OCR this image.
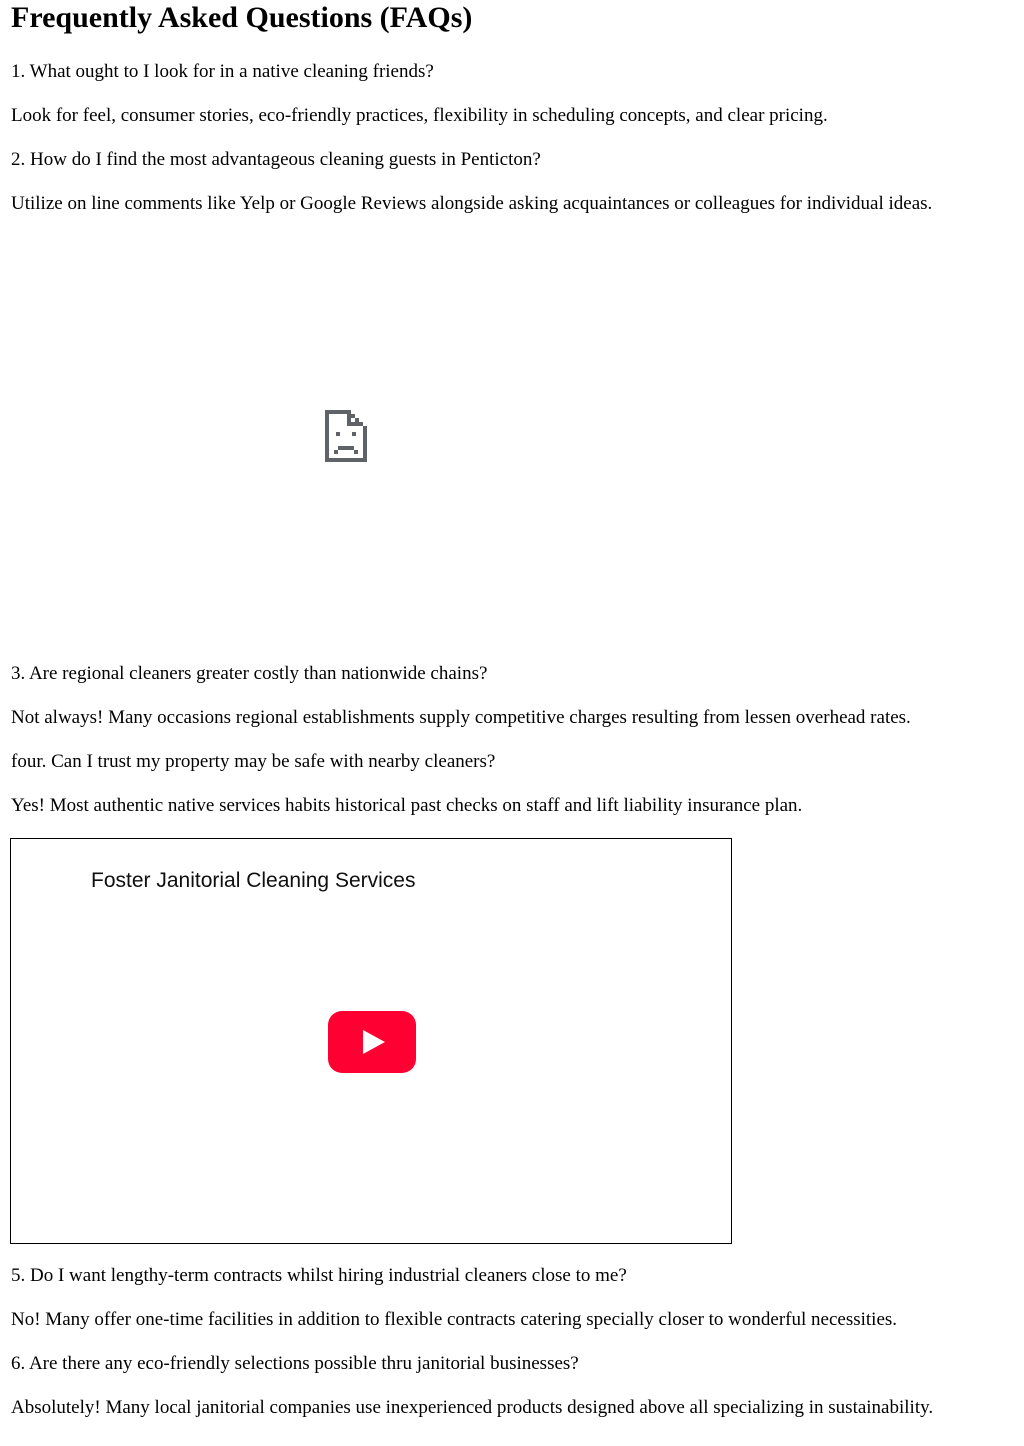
Frequently Asked Questions (FAQs)

1. What ought to I look for in a native cleaning friends?

Look for feel, consumer stories, eco-friendly practices, flexibility in scheduling concepts, and clear pricing.

2. How do I find the most advantageous cleaning guests in Penticton?

Utilize on line comments like Yelp or Google Reviews alongside asking acquaintances or colleagues for individual ideas.

3. Are regional cleaners greater costly than nationwide chains?

Not always! Many occasions regional establishments supply competitive charges resulting from lessen overhead rates.

four. Can I trust my property may be safe with nearby cleaners?

Yes! Most authentic native services habits historical past checks on staff and lift liability insurance plan.

Foster Janitorial Cleaning Services

5. Do I want lengthy-term contracts whilst hiring industrial cleaners close to me?

No! Many offer one-time facilities in addition to flexible contracts catering specially closer to wonderful necessities.

6. Are there any eco-friendly selections possible thru janitorial businesses?

Absolutely! Many local janitorial companies use inexperienced products designed above all specializing in sustainability.
